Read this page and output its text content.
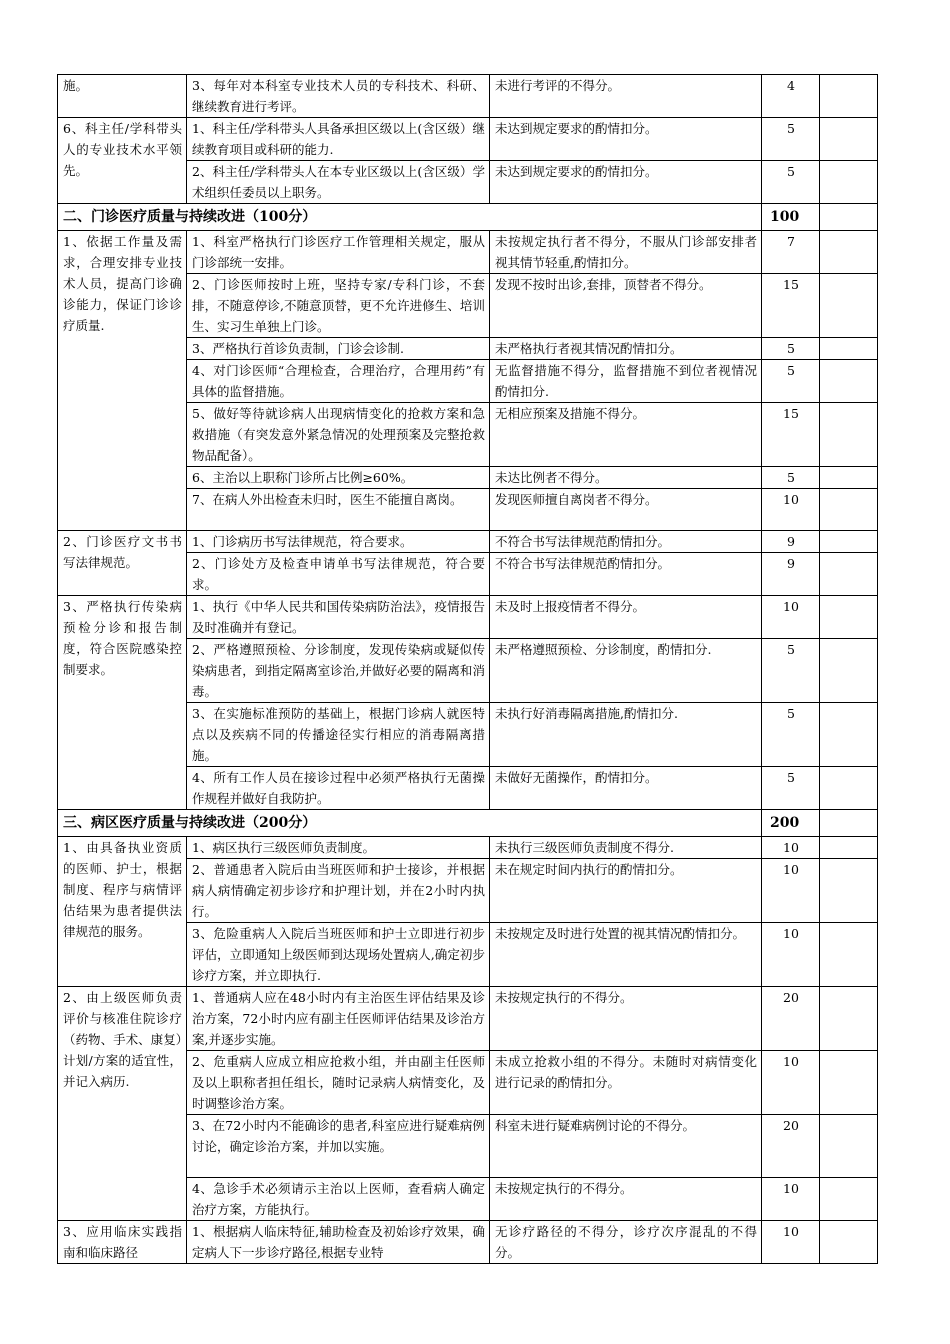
施。	3、每年对本科室专业技术人员的专科技术、科研、继续教育进行考评。	未进行考评的不得分。	4	
6、科主任/学科带头人的专业技术水平领先。	1、科主任/学科带头人具备承担区级以上(含区级）继续教育项目或科研的能力.	未达到规定要求的酌情扣分。	5	
	2、科主任/学科带头人在本专业区级以上(含区级）学术组织任委员以上职务。	未达到规定要求的酌情扣分。	5	
二、门诊医疗质量与持续改进（100分）			100	
1、依据工作量及需求，合理安排专业技术人员，提高门诊确诊能力，保证门诊诊疗质量.	1、科室严格执行门诊医疗工作管理相关规定，服从门诊部统一安排。	未按规定执行者不得分，不服从门诊部安排者视其情节轻重,酌情扣分。	7	
	2、门诊医师按时上班，坚持专家/专科门诊，不套排，不随意停诊,不随意顶替，更不允许进修生、培训生、实习生单独上门诊。	发现不按时出诊,套排，顶替者不得分。	15	
	3、严格执行首诊负责制，门诊会诊制.	未严格执行者视其情况酌情扣分。	5	
	4、对门诊医师“合理检查，合理治疗，合理用药”有具体的监督措施。	无监督措施不得分，监督措施不到位者视情况酌情扣分.	5	
	5、做好等待就诊病人出现病情变化的抢救方案和急救措施（有突发意外紧急情况的处理预案及完整抢救物品配备）。	无相应预案及措施不得分。	15	
	6、主治以上职称门诊所占比例≥60%。	未达比例者不得分。	5	
	7、在病人外出检查未归时，医生不能擅自离岗。	发现医师擅自离岗者不得分。	10	
2、门诊医疗文书书写法律规范。	1、门诊病历书写法律规范，符合要求。	不符合书写法律规范酌情扣分。	9	
	2、门诊处方及检查申请单书写法律规范，符合要求。	不符合书写法律规范酌情扣分。	9	
3、严格执行传染病预检分诊和报告制度，符合医院感染控制要求。	1、执行《中华人民共和国传染病防治法》，疫情报告及时准确并有登记。	未及时上报疫情者不得分。	10	
	2、严格遵照预检、分诊制度，发现传染病或疑似传染病患者，到指定隔离室诊治,并做好必要的隔离和消毒。	未严格遵照预检、分诊制度，酌情扣分.	5	
	3、在实施标准预防的基础上，根据门诊病人就医特点以及疾病不同的传播途径实行相应的消毒隔离措施。	未执行好消毒隔离措施,酌情扣分.	5	
	4、所有工作人员在接诊过程中必须严格执行无菌操作规程并做好自我防护。	未做好无菌操作，酌情扣分。	5	
三、病区医疗质量与持续改进（200分）			200	
1、由具备执业资质的医师、护士，根据制度、程序与病情评估结果为患者提供法律规范的服务。	1、病区执行三级医师负责制度。	未执行三级医师负责制度不得分.	10	
	2、普通患者入院后由当班医师和护士接诊，并根据病人病情确定初步诊疗和护理计划，并在2小时内执行。	未在规定时间内执行的酌情扣分。	10	
	3、危险重病人入院后当班医师和护士立即进行初步评估，立即通知上级医师到达现场处置病人,确定初步诊疗方案，并立即执行.	未按规定及时进行处置的视其情况酌情扣分。	10	
2、由上级医师负责评价与核准住院诊疗（药物、手术、康复）计划/方案的适宜性，并记入病历.	1、普通病人应在48小时内有主治医生评估结果及诊治方案，72小时内应有副主任医师评估结果及诊治方案,并逐步实施。	未按规定执行的不得分。	20	
	2、危重病人应成立相应抢救小组，并由副主任医师及以上职称者担任组长，随时记录病人病情变化，及时调整诊治方案。	未成立抢救小组的不得分。未随时对病情变化进行记录的酌情扣分。	10	
	3、在72小时内不能确诊的患者,科室应进行疑难病例讨论，确定诊治方案，并加以实施。	科室未进行疑难病例讨论的不得分。	20	
	4、急诊手术必须请示主治以上医师，查看病人确定治疗方案，方能执行。	未按规定执行的不得分。	10	
3、应用临床实践指南和临床路径	1、根据病人临床特征,辅助检查及初始诊疗效果，确定病人下一步诊疗路径,根据专业特	无诊疗路径的不得分，诊疗次序混乱的不得分。	10	
